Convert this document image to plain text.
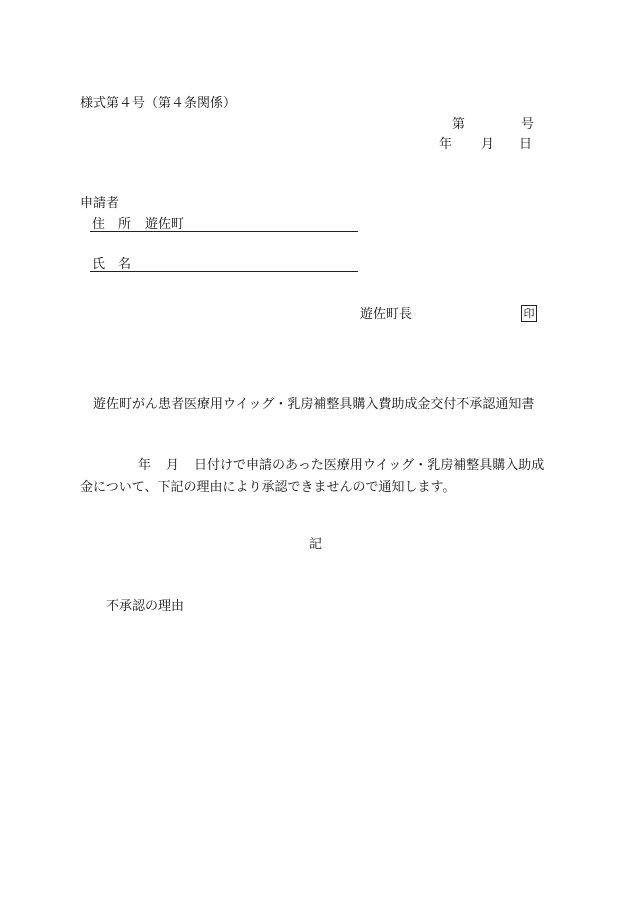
様式第４号（第４条関係）
第	号
年 月 日
申請者
住 所 遊佐町
氏 名
遊佐町長	印
遊佐町がん患者医療用ウイッグ・乳房補整具購入費助成金交付不承認通知書
年 月 日付けで申請のあった医療用ウイッグ・乳房補整具購入助成
金について、下記の理由により承認できませんので通知します。
記
不承認の理由
